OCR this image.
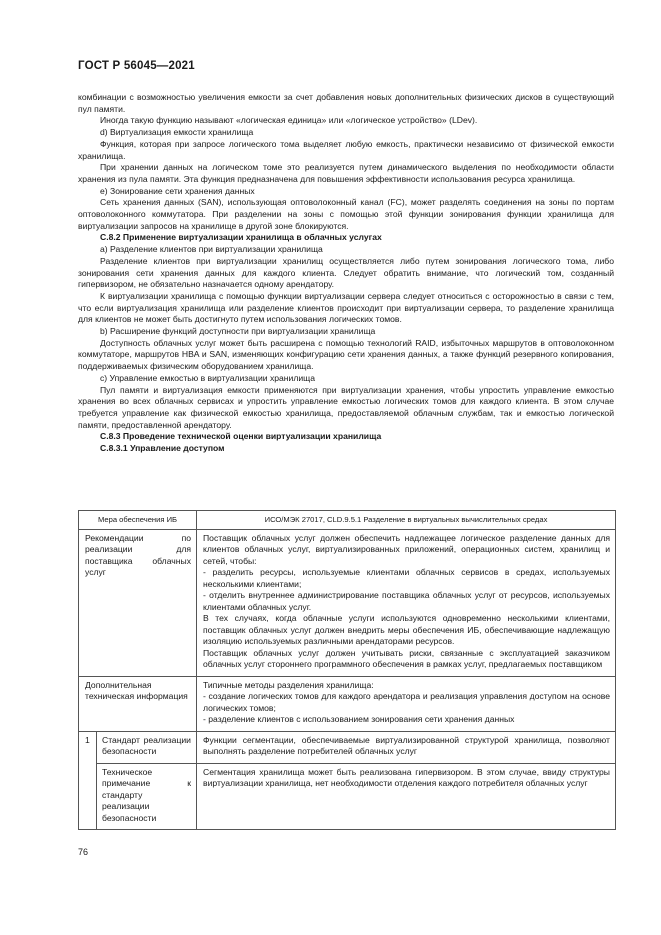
ГОСТ Р 56045—2021

комбинации с возможностью увеличения емкости за счет добавления новых дополнительных физических дисков в существующий пул памяти.

Иногда такую функцию называют «логическая единица» или «логическое устройство» (LDev).

d) Виртуализация емкости хранилища

Функция, которая при запросе логического тома выделяет любую емкость, практически независимо от физической емкости хранилища.

При хранении данных на логическом томе это реализуется путем динамического выделения по необходимости области хранения из пула памяти. Эта функция предназначена для повышения эффективности использования ресурса хранилища.

е) Зонирование сети хранения данных

Сеть хранения данных (SAN), использующая оптоволоконный канал (FC), может разделять соединения на зоны по портам оптоволоконного коммутатора. При разделении на зоны с помощью этой функции зонирования функции хранилища для виртуализации запросов на хранилище в другой зоне блокируются.

С.8.2 Применение виртуализации хранилища в облачных услугах

а) Разделение клиентов при виртуализации хранилища

Разделение клиентов при виртуализации хранилищ осуществляется либо путем зонирования логического тома, либо зонирования сети хранения данных для каждого клиента. Следует обратить внимание, что логический том, созданный гипервизором, не обязательно назначается одному арендатору.

К виртуализации хранилища с помощью функции виртуализации сервера следует относиться с осторожностью в связи с тем, что если виртуализация хранилища или разделение клиентов происходит при виртуализации сервера, то разделение хранилища для клиентов не может быть достигнуто путем использования логических томов.

b) Расширение функций доступности при виртуализации хранилища

Доступность облачных услуг может быть расширена с помощью технологий RAID, избыточных маршрутов в оптоволоконном коммутаторе, маршрутов HBA и SAN, изменяющих конфигурацию сети хранения данных, а также функций резервного копирования, поддерживаемых физическим оборудованием хранилища.

с) Управление емкостью в виртуализации хранилища

Пул памяти и виртуализация емкости применяются при виртуализации хранения, чтобы упростить управление емкостью хранения во всех облачных сервисах и упростить управление емкостью логических томов для каждого клиента. В этом случае требуется управление как физической емкостью хранилища, предоставляемой облачным службам, так и емкостью логической памяти, предоставленной арендатору.

С.8.3 Проведение технической оценки виртуализации хранилища

С.8.3.1 Управление доступом

Мера обеспечения ИБ		ИСО/МЭК 27017, CLD.9.5.1 Разделение в виртуальных вычислительных средах
Рекомендации по реализации для поставщика облачных услуг		Поставщик облачных услуг должен обеспечить надлежащее логическое разделение данных для клиентов облачных услуг, виртуализированных приложений, операционных систем, хранилищ и сетей, чтобы:
- разделить ресурсы, используемые клиентами облачных сервисов в средах, используемых несколькими клиентами;
- отделить внутреннее администрирование поставщика облачных услуг от ресурсов, используемых клиентами облачных услуг.
В тех случаях, когда облачные услуги используются одновременно несколькими клиентами, поставщик облачных услуг должен внедрить меры обеспечения ИБ, обеспечивающие надлежащую изоляцию используемых различными арендаторами ресурсов.
Поставщик облачных услуг должен учитывать риски, связанные с эксплуатацией заказчиком облачных услуг стороннего программного обеспечения в рамках услуг, предлагаемых поставщиком

Дополнительная техническая информация		Типичные методы разделения хранилища:
- создание логических томов для каждого арендатора и реализация управления доступом на основе логических томов;
- разделение клиентов с использованием зонирования сети хранения данных

1	Стандарт реализации безопасности	Функции сегментации, обеспечиваемые виртуализированной структурой хранилища, позволяют выполнять разделение потребителей облачных услуг
	Техническое примечание к стандарту реализации безопасности	Сегментация хранилища может быть реализована гипервизором. В этом случае, ввиду структуры виртуализации хранилища, нет необходимости отделения каждого потребителя облачных услуг
76
